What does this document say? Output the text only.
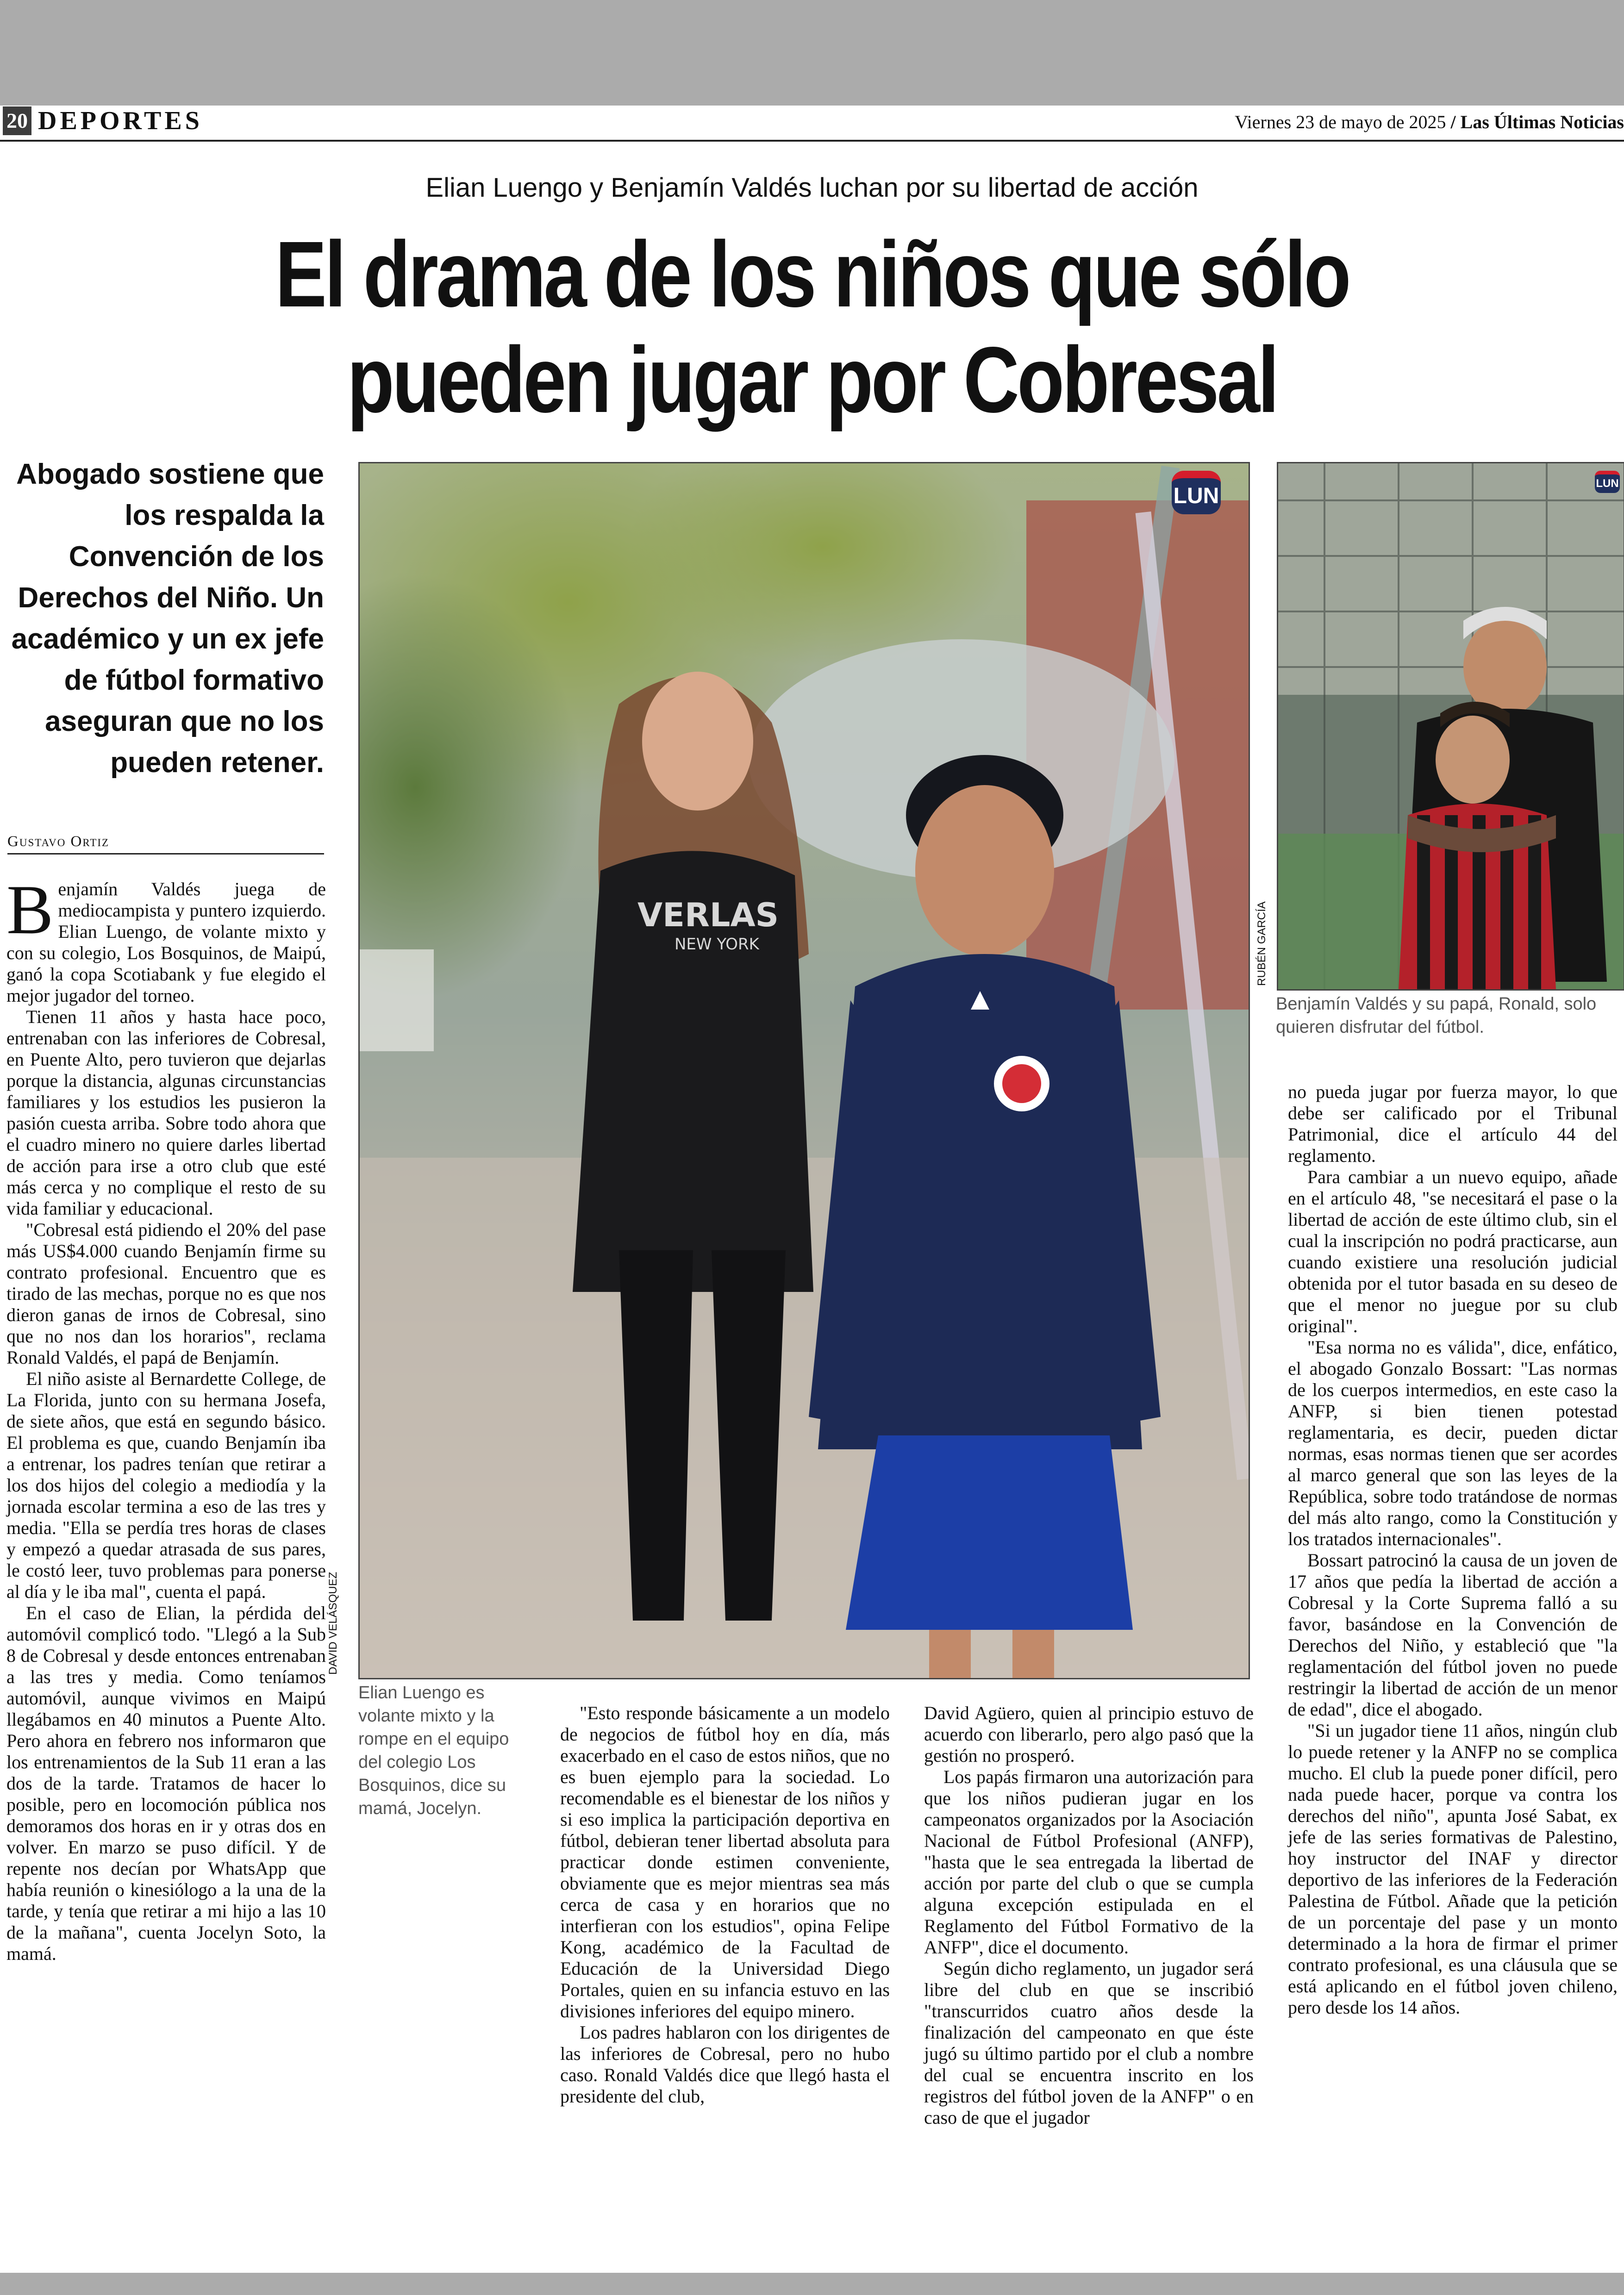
20 DEPORTES	Viernes 23 de mayo de 2025 / Las Últimas Noticias
Elian Luengo y Benjamín Valdés luchan por su libertad de acción
El drama de los niños que sólo
pueden jugar por Cobresal
Abogado sostiene que los respalda la Convención de los Derechos del Niño. Un académico y un ex jefe de fútbol formativo aseguran que no los pueden retener.
Gustavo Ortiz

Benjamín Valdés juega de mediocampista y puntero izquierdo. Elian Luengo, de volante mixto y con su colegio, Los Bosquinos, de Maipú, ganó la copa Scotiabank y fue elegido el mejor jugador del torneo.

Tienen 11 años y hasta hace poco, entrenaban con las inferiores de Cobresal, en Puente Alto, pero tuvieron que dejarlas porque la distancia, algunas circunstancias familiares y los estudios les pusieron la pasión cuesta arriba. Sobre todo ahora que el cuadro minero no quiere darles libertad de acción para irse a otro club que esté más cerca y no complique el resto de su vida familiar y educacional.

"Cobresal está pidiendo el 20% del pase más US$4.000 cuando Benjamín firme su contrato profesional. Encuentro que es tirado de las mechas, porque no es que nos dieron ganas de irnos de Cobresal, sino que no nos dan los horarios", reclama Ronald Valdés, el papá de Benjamín.

El niño asiste al Bernardette College, de La Florida, junto con su hermana Josefa, de siete años, que está en segundo básico. El problema es que, cuando Benjamín iba a entrenar, los padres tenían que retirar a los dos hijos del colegio a mediodía y la jornada escolar termina a eso de las tres y media. "Ella se perdía tres horas de clases y empezó a quedar atrasada de sus pares, le costó leer, tuvo problemas para ponerse al día y le iba mal", cuenta el papá.

En el caso de Elian, la pérdida del automóvil complicó todo. "Llegó a la Sub 8 de Cobresal y desde entonces entrenaban a las tres y media. Como teníamos automóvil, aunque vivimos en Maipú llegábamos en 40 minutos a Puente Alto. Pero ahora en febrero nos informaron que los entrenamientos de la Sub 11 eran a las dos de la tarde. Tratamos de hacer lo posible, pero en locomoción pública nos demoramos dos horas en ir y otras dos en volver. En marzo se puso difícil. Y de repente nos decían por WhatsApp que había reunión o kinesiólogo a la una de la tarde, y tenía que retirar a mi hijo a las 10 de la mañana", cuenta Jocelyn Soto, la mamá.

VERLAS
NEW YORK
LUN
DAVID VELÁSQUEZ
Elian Luengo es volante mixto y la rompe en el equipo del colegio Los Bosquinos, dice su mamá, Jocelyn.
LUN
RUBÉN GARCÍA
Benjamín Valdés y su papá, Ronald, solo quieren disfrutar del fútbol.

"Esto responde básicamente a un modelo de negocios de fútbol hoy en día, más exacerbado en el caso de estos niños, que no es buen ejemplo para la sociedad. Lo recomendable es el bienestar de los niños y si eso implica la participación deportiva en fútbol, debieran tener libertad absoluta para practicar donde estimen conveniente, obviamente que es mejor mientras sea más cerca de casa y en horarios que no interfieran con los estudios", opina Felipe Kong, académico de la Facultad de Educación de la Universidad Diego Portales, quien en su infancia estuvo en las divisiones inferiores del equipo minero.

Los padres hablaron con los dirigentes de las inferiores de Cobresal, pero no hubo caso. Ronald Valdés dice que llegó hasta el presidente del club,

David Agüero, quien al principio estuvo de acuerdo con liberarlo, pero algo pasó que la gestión no prosperó.

Los papás firmaron una autorización para que los niños pudieran jugar en los campeonatos organizados por la Asociación Nacional de Fútbol Profesional (ANFP), "hasta que le sea entregada la libertad de acción por parte del club o que se cumpla alguna excepción estipulada en el Reglamento del Fútbol Formativo de la ANFP", dice el documento.

Según dicho reglamento, un jugador será libre del club en que se inscribió "transcurridos cuatro años desde la finalización del campeonato en que éste jugó su último partido por el club a nombre del cual se encuentra inscrito en los registros del fútbol joven de la ANFP" o en caso de que el jugador

no pueda jugar por fuerza mayor, lo que debe ser calificado por el Tribunal Patrimonial, dice el artículo 44 del reglamento.

Para cambiar a un nuevo equipo, añade en el artículo 48, "se necesitará el pase o la libertad de acción de este último club, sin el cual la inscripción no podrá practicarse, aun cuando existiere una resolución judicial obtenida por el tutor basada en su deseo de que el menor no juegue por su club original".

"Esa norma no es válida", dice, enfático, el abogado Gonzalo Bossart: "Las normas de los cuerpos intermedios, en este caso la ANFP, si bien tienen potestad reglamentaria, es decir, pueden dictar normas, esas normas tienen que ser acordes al marco general que son las leyes de la República, sobre todo tratándose de normas del más alto rango, como la Constitución y los tratados internacionales".

Bossart patrocinó la causa de un joven de 17 años que pedía la libertad de acción a Cobresal y la Corte Suprema falló a su favor, basándose en la Convención de Derechos del Niño, y estableció que "la reglamentación del fútbol joven no puede restringir la libertad de acción de un menor de edad", dice el abogado.

"Si un jugador tiene 11 años, ningún club lo puede retener y la ANFP no se complica mucho. El club la puede poner difícil, pero nada puede hacer, porque va contra los derechos del niño", apunta José Sabat, ex jefe de las series formativas de Palestino, hoy instructor del INAF y director deportivo de las inferiores de la Federación Palestina de Fútbol. Añade que la petición de un porcentaje del pase y un monto determinado a la hora de firmar el primer contrato profesional, es una cláusula que se está aplicando en el fútbol joven chileno, pero desde los 14 años.
